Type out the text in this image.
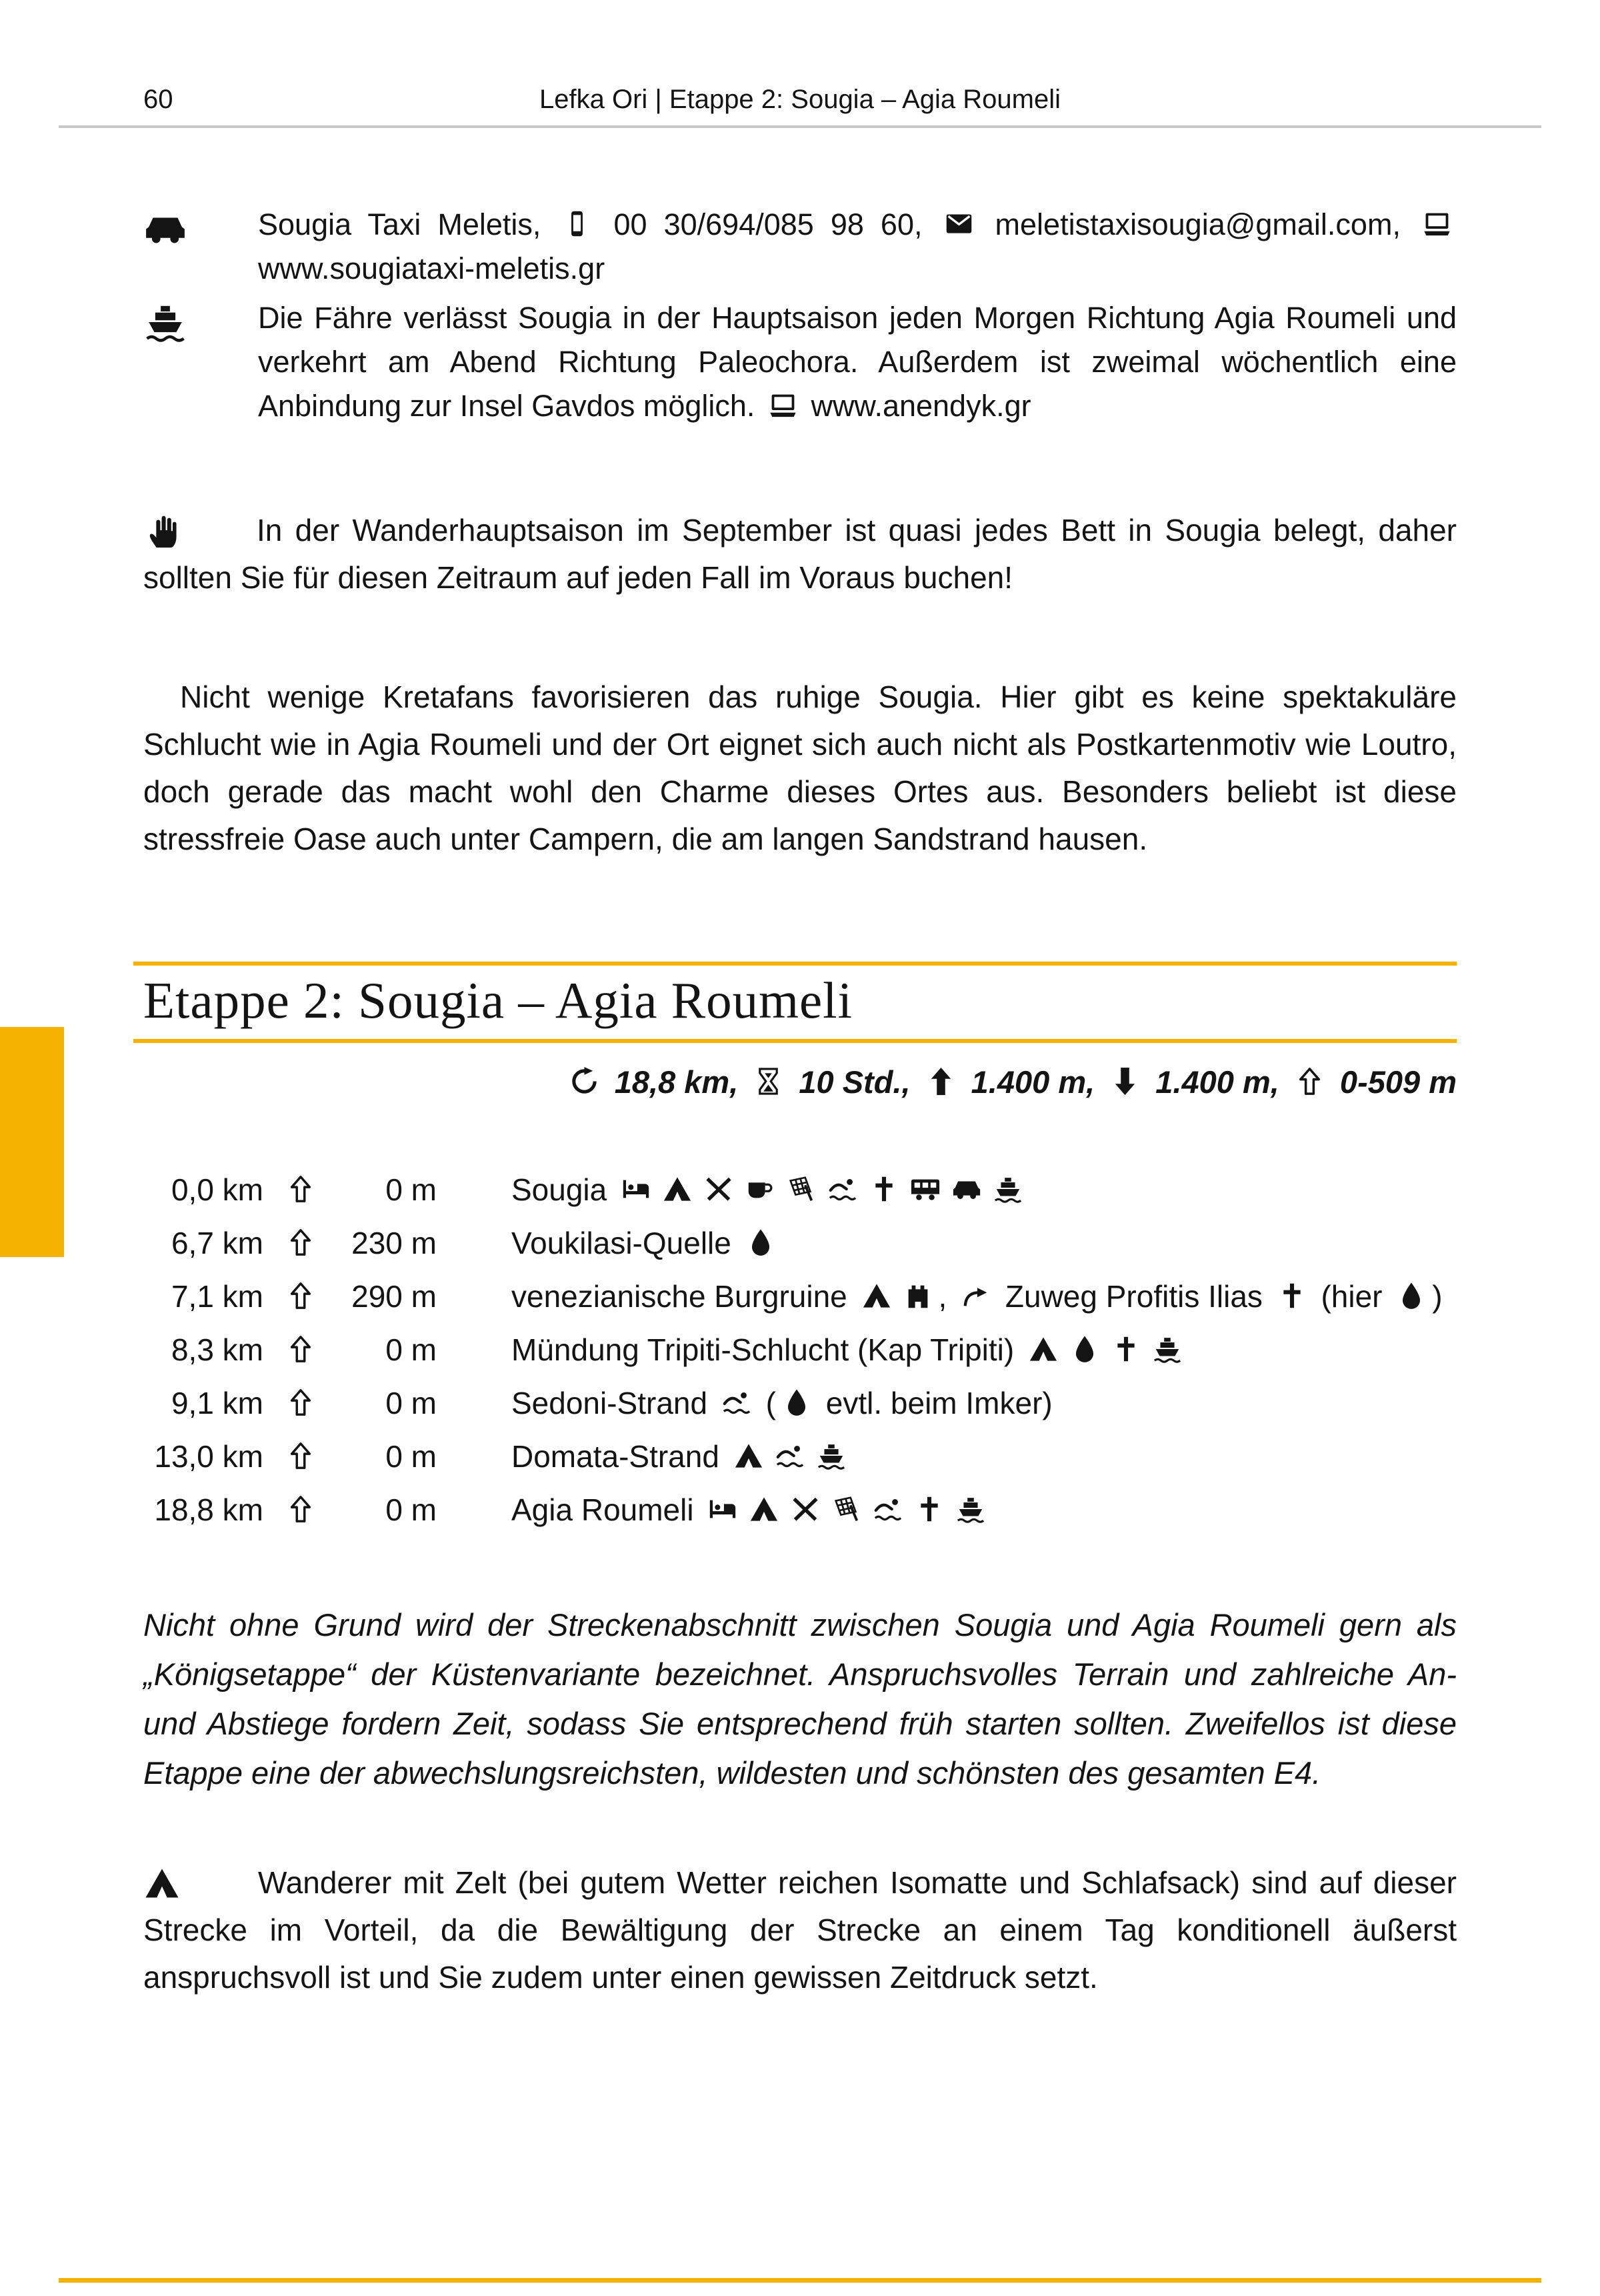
60	Lefka Ori | Etappe 2: Sougia – Agia Roumeli

Sougia Taxi Meletis,  00 30/694/085 98 60,  meletistaxisougia@gmail.com,  www.sougiataxi-meletis.gr

Die Fähre verlässt Sougia in der Hauptsaison jeden Morgen Richtung Agia Roumeli und verkehrt am Abend Richtung Paleochora. Außerdem ist zweimal wöchentlich eine Anbindung zur Insel Gavdos möglich.  www.anendyk.gr

In der Wanderhauptsaison im September ist quasi jedes Bett in Sougia belegt, daher sollten Sie für diesen Zeitraum auf jeden Fall im Voraus buchen!

Nicht wenige Kretafans favorisieren das ruhige Sougia. Hier gibt es keine spektakuläre Schlucht wie in Agia Roumeli und der Ort eignet sich auch nicht als Postkartenmotiv wie Loutro, doch gerade das macht wohl den Charme dieses Ortes aus. Besonders beliebt ist diese stressfreie Oase auch unter Campern, die am langen Sandstrand hausen.

Etappe 2: Sougia – Agia Roumeli

18,8 km,  10 Std.,  1.400 m,  1.400 m,  0-509 m

0,0 km	0 m	Sougia
6,7 km	230 m	Voukilasi-Quelle
7,1 km	290 m	venezianische Burgruine	,  Zuweg Profitis Ilias  (hier )
8,3 km	0 m	Mündung Tripiti-Schlucht (Kap Tripiti)
9,1 km	0 m	Sedoni-Strand  ( evtl. beim Imker)
13,0 km	0 m	Domata-Strand
18,8 km	0 m	Agia Roumeli

Nicht ohne Grund wird der Streckenabschnitt zwischen Sougia und Agia Roumeli gern als „Königsetappe“ der Küstenvariante bezeichnet. Anspruchsvolles Terrain und zahlreiche An- und Abstiege fordern Zeit, sodass Sie entsprechend früh starten sollten. Zweifellos ist diese Etappe eine der abwechslungsreichsten, wildesten und schönsten des gesamten E4.

Wanderer mit Zelt (bei gutem Wetter reichen Isomatte und Schlafsack) sind auf dieser Strecke im Vorteil, da die Bewältigung der Strecke an einem Tag konditionell äußerst anspruchsvoll ist und Sie zudem unter einen gewissen Zeitdruck setzt.
